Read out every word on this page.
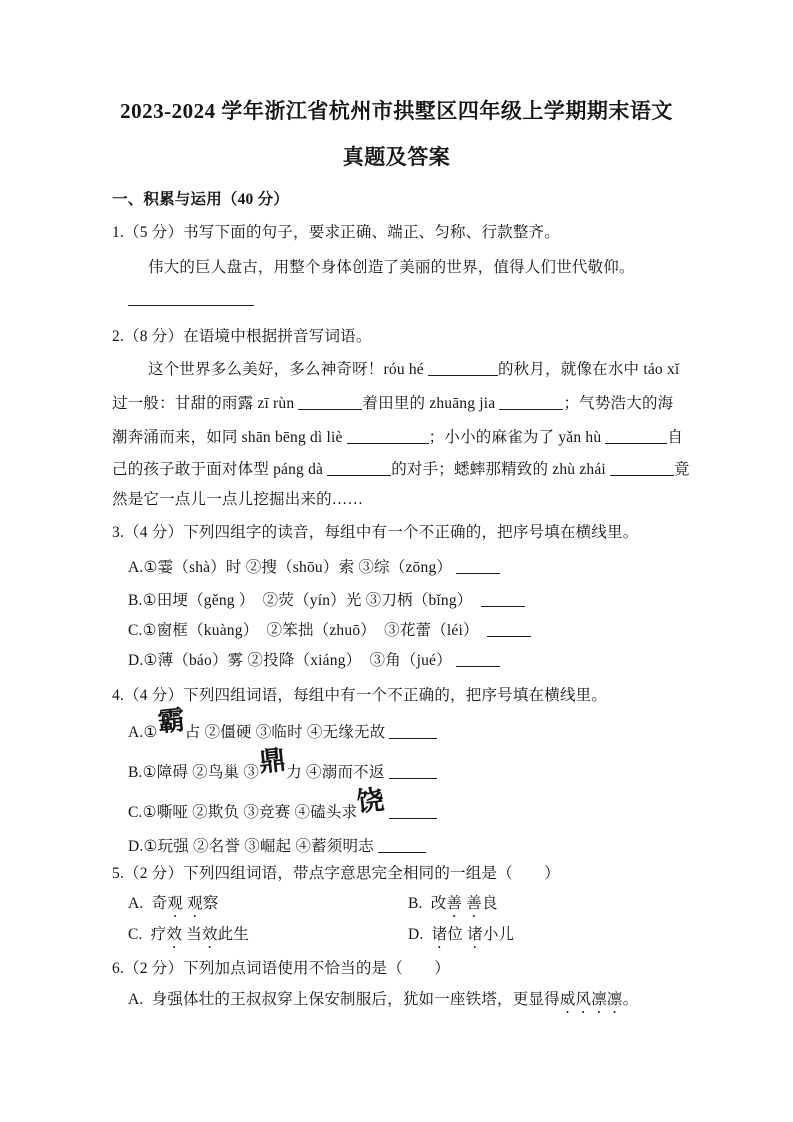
2023-2024 学年浙江省杭州市拱墅区四年级上学期期末语文
真题及答案
一、积累与运用（40 分）
1.（5 分）书写下面的句子，要求正确、端正、匀称、行款整齐。
伟大的巨人盘古，用整个身体创造了美丽的世界，值得人们世代敬仰。
2.（8 分）在语境中根据拼音写词语。
这个世界多么美好，多么神奇呀！róu hé	的秋月，就像在水中 táo xǐ
过一般：甘甜的雨露 zī rùn	着田里的 zhuāng jia	；气势浩大的海
潮奔涌而来，如同 shān bēng dì liè	；小小的麻雀为了 yǎn hù	自
己的孩子敢于面对体型 páng dà	的对手；蟋蟀那精致的 zhù zhái	竟
然是它一点儿一点儿挖掘出来的……
3.（4 分）下列四组字的读音，每组中有一个不正确的，把序号填在横线里。
A.①霎（shà）时 ②搜（shōu）索 ③综（zōng）
B.①田埂（gěng ）  ②荧（yín）光 ③刀柄（bǐng）
C.①窗框（kuàng）  ②笨拙（zhuō）  ③花蕾（léi）
D.①薄（báo）雾 ②投降（xiáng）  ③角（jué）
4.（4 分）下列四组词语，每组中有一个不正确的，把序号填在横线里。
A.①霸占 ②僵硬 ③临时 ④无缘无故
B.①障碍 ②鸟巢 ③鼎力 ④溺而不返
C.①嘶哑 ②欺负 ③竞赛 ④磕头求饶
D.①玩强 ②名誉 ③崛起 ④蓄须明志
5.（2 分）下列四组词语，带点字意思完全相同的一组是（　　）
A.  奇观 观察	B.  改善 善良
C.  疗效 当效此生	D.  诸位 诸小儿
6.（2 分）下列加点词语使用不恰当的是（　　）
A.  身强体壮的王叔叔穿上保安制服后，犹如一座铁塔，更显得威风凛凛。
